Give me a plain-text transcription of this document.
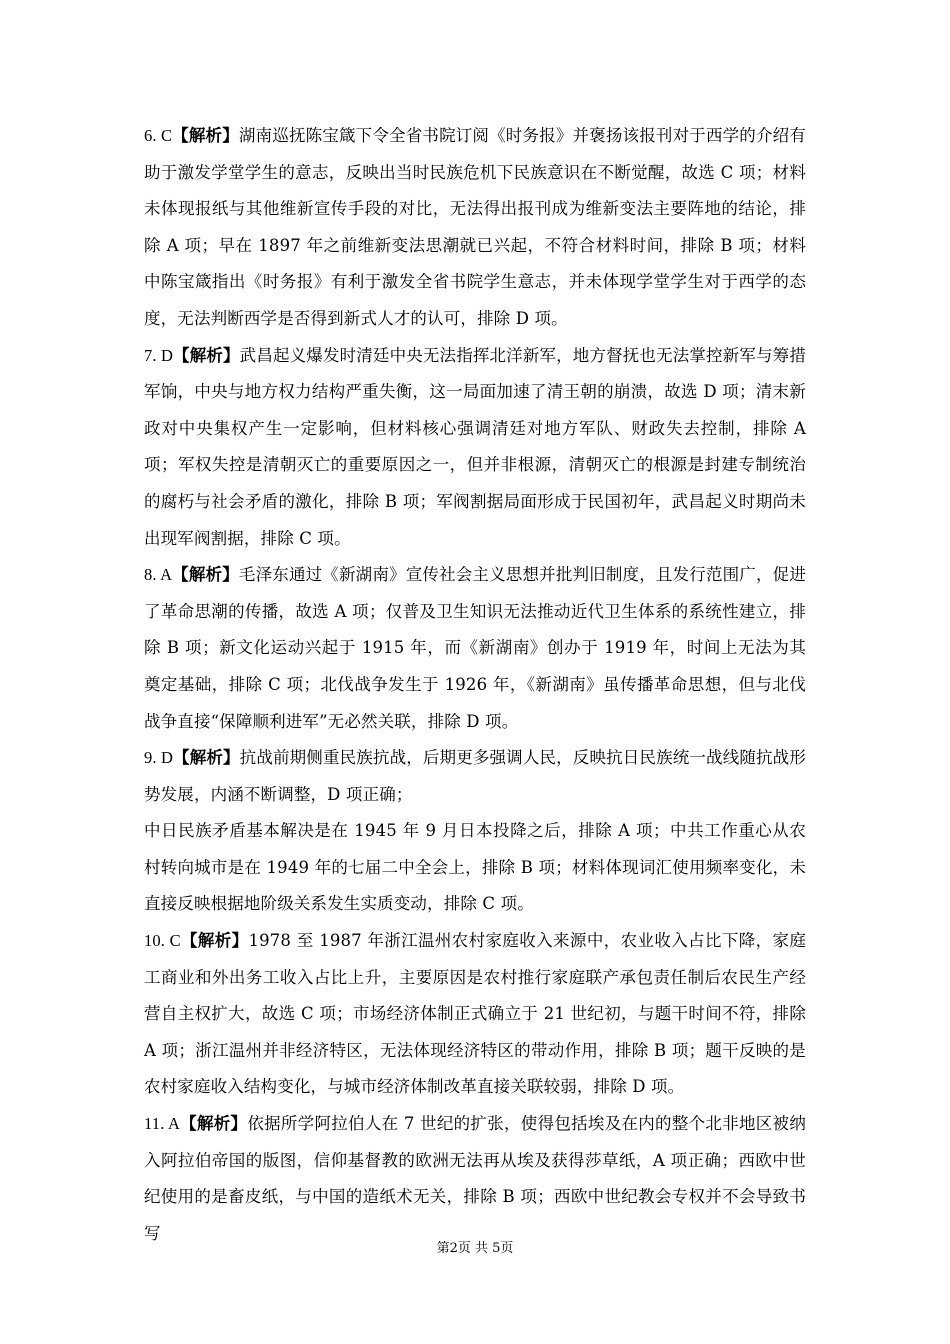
6. C【解析】湖南巡抚陈宝箴下令全省书院订阅《时务报》并褒扬该报刊对于西学的介绍有助于激发学堂学生的意志，反映出当时民族危机下民族意识在不断觉醒，故选 C 项；材料未体现报纸与其他维新宣传手段的对比，无法得出报刊成为维新变法主要阵地的结论，排除 A 项；早在 1897 年之前维新变法思潮就已兴起，不符合材料时间，排除 B 项；材料中陈宝箴指出《时务报》有利于激发全省书院学生意志，并未体现学堂学生对于西学的态度，无法判断西学是否得到新式人才的认可，排除 D 项。

7. D【解析】武昌起义爆发时清廷中央无法指挥北洋新军，地方督抚也无法掌控新军与筹措军饷，中央与地方权力结构严重失衡，这一局面加速了清王朝的崩溃，故选 D 项；清末新政对中央集权产生一定影响，但材料核心强调清廷对地方军队、财政失去控制，排除 A 项；军权失控是清朝灭亡的重要原因之一，但并非根源，清朝灭亡的根源是封建专制统治的腐朽与社会矛盾的激化，排除 B 项；军阀割据局面形成于民国初年，武昌起义时期尚未出现军阀割据，排除 C 项。

8. A【解析】毛泽东通过《新湖南》宣传社会主义思想并批判旧制度，且发行范围广，促进了革命思潮的传播，故选 A 项；仅普及卫生知识无法推动近代卫生体系的系统性建立，排除 B 项；新文化运动兴起于 1915 年，而《新湖南》创办于 1919 年，时间上无法为其奠定基础，排除 C 项；北伐战争发生于 1926 年，《新湖南》虽传播革命思想，但与北伐战争直接“保障顺利进军”无必然关联，排除 D 项。

9. D【解析】抗战前期侧重民族抗战，后期更多强调人民，反映抗日民族统一战线随抗战形势发展，内涵不断调整，D 项正确；

中日民族矛盾基本解决是在 1945 年 9 月日本投降之后，排除 A 项；中共工作重心从农村转向城市是在 1949 年的七届二中全会上，排除 B 项；材料体现词汇使用频率变化，未直接反映根据地阶级关系发生实质变动，排除 C 项。

10. C【解析】1978 至 1987 年浙江温州农村家庭收入来源中，农业收入占比下降，家庭工商业和外出务工收入占比上升，主要原因是农村推行家庭联产承包责任制后农民生产经营自主权扩大，故选 C 项；市场经济体制正式确立于 21 世纪初，与题干时间不符，排除 A 项；浙江温州并非经济特区，无法体现经济特区的带动作用，排除 B 项；题干反映的是农村家庭收入结构变化，与城市经济体制改革直接关联较弱，排除 D 项。

11. A【解析】依据所学阿拉伯人在 7 世纪的扩张，使得包括埃及在内的整个北非地区被纳入阿拉伯帝国的版图，信仰基督教的欧洲无法再从埃及获得莎草纸，A 项正确；西欧中世纪使用的是畜皮纸，与中国的造纸术无关，排除 B 项；西欧中世纪教会专权并不会导致书写

第2页 共 5页
